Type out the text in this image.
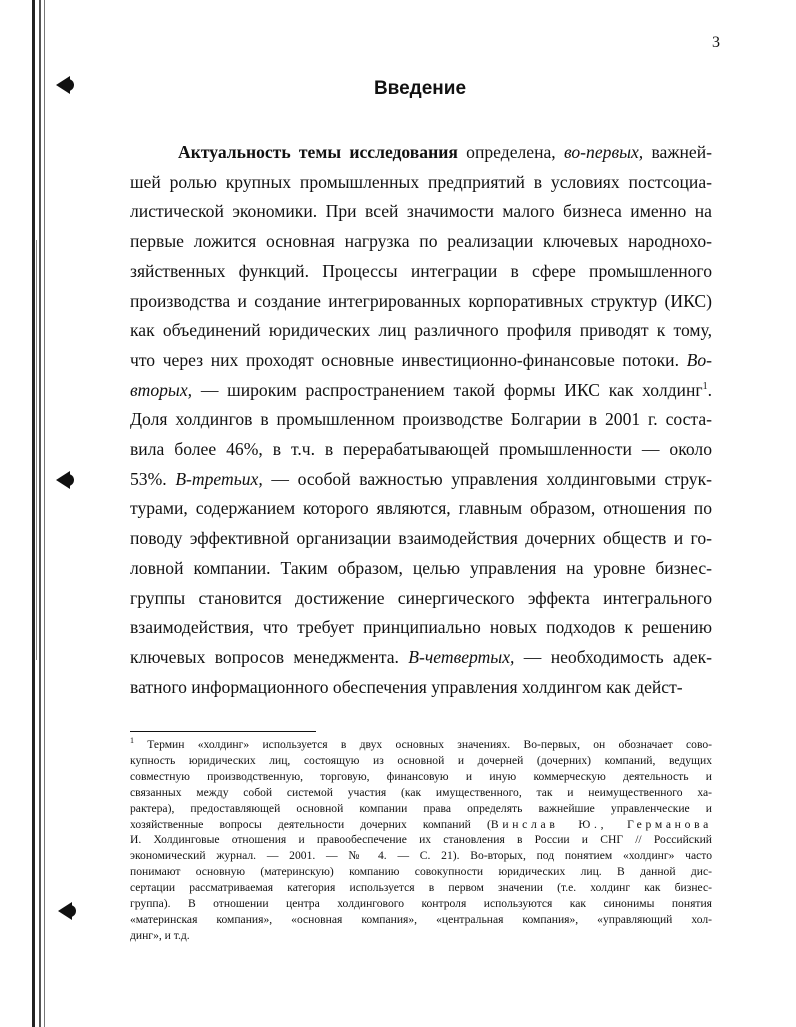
3
Введение
Актуальность темы исследования определена, во-первых, важней-
шей ролью крупных промышленных предприятий в условиях постсоциа-
листической экономики. При всей значимости малого бизнеса именно на
первые ложится основная нагрузка по реализации ключевых народнохо-
зяйственных функций. Процессы интеграции в сфере промышленного
производства и создание интегрированных корпоративных структур (ИКС)
как объединений юридических лиц различного профиля приводят к тому,
что через них проходят основные инвестиционно-финансовые потоки. Во-
вторых, — широким распространением такой формы ИКС как холдинг$^1$.
Доля холдингов в промышленном производстве Болгарии в 2001 г. соста-
вила более 46%, в т.ч. в перерабатывающей промышленности — около
53%. В-третьих, — особой важностью управления холдинговыми струк-
турами, содержанием которого являются, главным образом, отношения по
поводу эффективной организации взаимодействия дочерних обществ и го-
ловной компании. Таким образом, целью управления на уровне бизнес-
группы становится достижение синергического эффекта интегрального
взаимодействия, что требует принципиально новых подходов к решению
ключевых вопросов менеджмента. В-четвертых, — необходимость адек-
ватного информационного обеспечения управления холдингом как дейст-
$^1$ Термин «холдинг» используется в двух основных значениях. Во-первых, он обозначает сово-
купность юридических лиц, состоящую из основной и дочерней (дочерних) компаний, ведущих
совместную производственную, торговую, финансовую и иную коммерческую деятельность и
связанных между собой системой участия (как имущественного, так и неимущественного ха-
рактера), предоставляющей основной компании права определять важнейшие управленческие и
хозяйственные вопросы деятельности дочерних компаний (Винслав Ю., Германова
И. Холдинговые отношения и правообеспечение их становления в России и СНГ // Российский
экономический журнал. — 2001. — № 4. — С. 21). Во-вторых, под понятием «холдинг» часто
понимают основную (материнскую) компанию совокупности юридических лиц. В данной дис-
сертации рассматриваемая категория используется в первом значении (т.е. холдинг как бизнес-
группа). В отношении центра холдингового контроля используются как синонимы понятия
«материнская компания», «основная компания», «центральная компания», «управляющий хол-
динг», и т.д.
